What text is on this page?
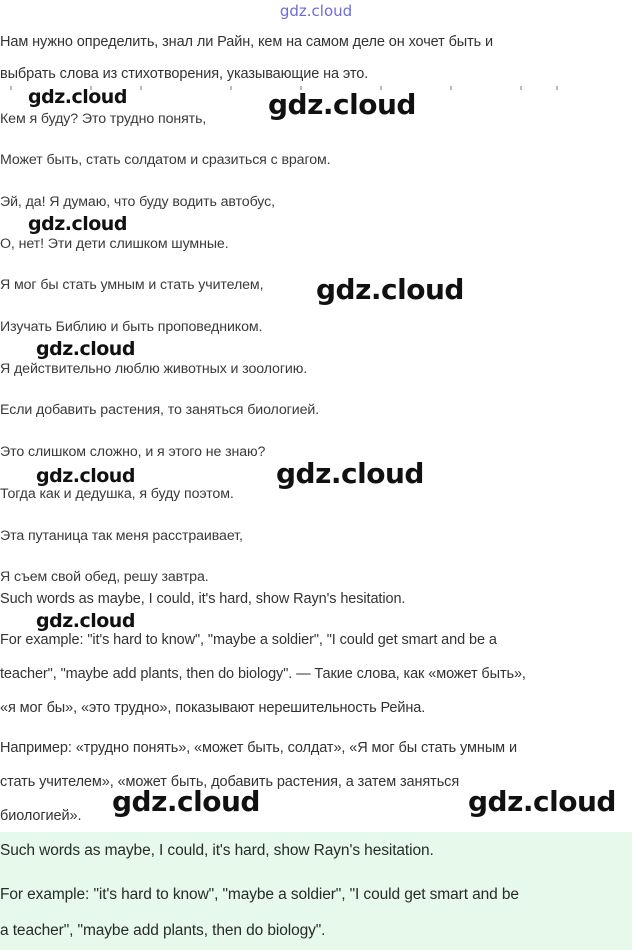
gdz.cloud
Нам нужно определить, знал ли Райн, кем на самом деле он хочет быть и
выбрать слова из стихотворения, указывающие на это.
Кем я буду? Это трудно понять,
Может быть, стать солдатом и сразиться с врагом.
Эй, да! Я думаю, что буду водить автобус,
О, нет! Эти дети слишком шумные.
Я мог бы стать умным и стать учителем,
Изучать Библию и быть проповедником.
Я действительно люблю животных и зоологию.
Если добавить растения, то заняться биологией.
Это слишком сложно, и я этого не знаю?
Тогда как и дедушка, я буду поэтом.
Эта путаница так меня расстраивает,
Я съем свой обед, решу завтра.
Such words as maybe, I could, it's hard, show Rayn's hesitation.
For example: "it's hard to know", "maybe a soldier", "I could get smart and be a
teacher", "maybe add plants, then do biology". — Такие слова, как «может быть»,
«я мог бы», «это трудно», показывают нерешительность Рейна.
Например: «трудно понять», «может быть, солдат», «Я мог бы стать умным и
стать учителем», «может быть, добавить растения, а затем заняться
биологией».
Such words as maybe, I could, it's hard, show Rayn's hesitation.
For example: "it's hard to know", "maybe a soldier", "I could get smart and be
a teacher", "maybe add plants, then do biology".
gdz.cloud	gdz.cloud
gdz.cloud
gdz.cloud
gdz.cloud
gdz.cloud	gdz.cloud
gdz.cloud
gdz.cloud	gdz.cloud
